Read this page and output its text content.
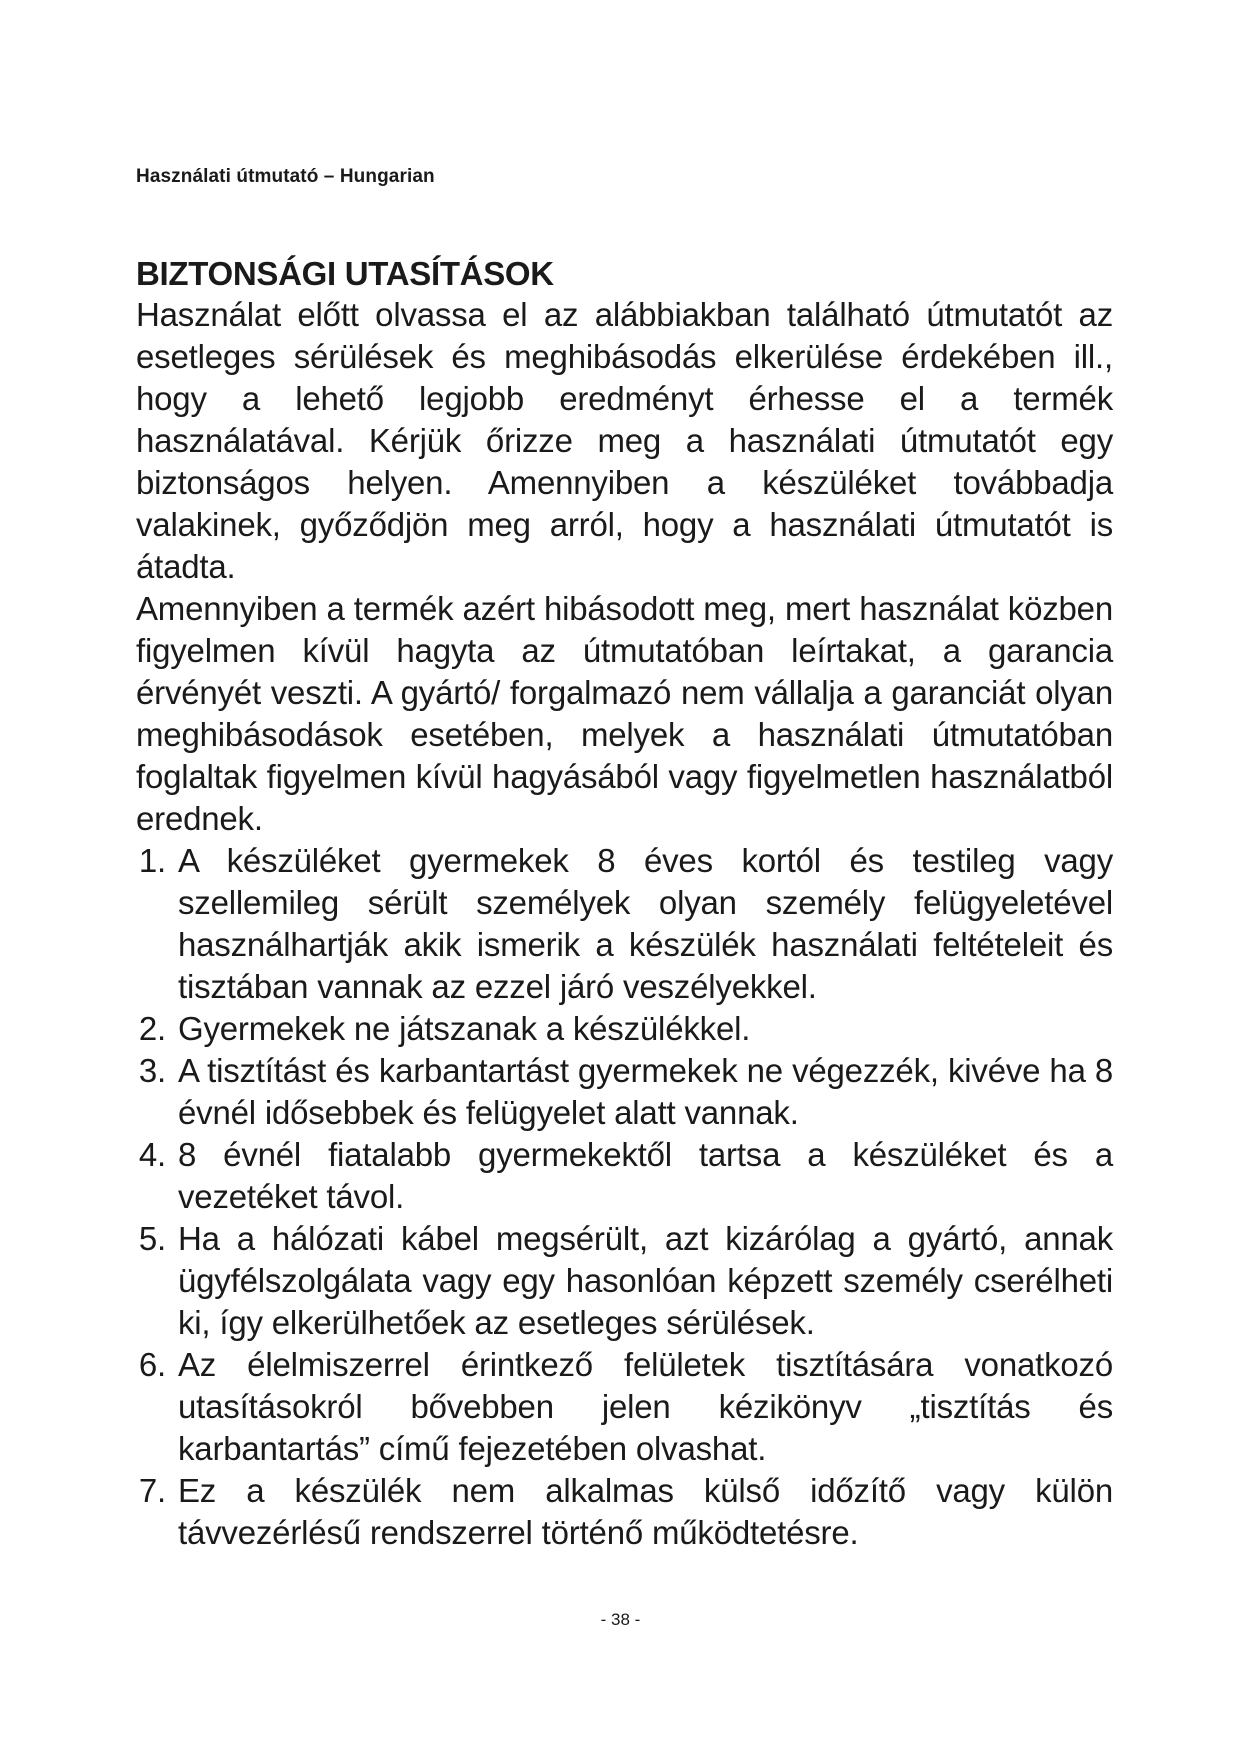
Használati útmutató – Hungarian
BIZTONSÁGI UTASÍTÁSOK

Használat előtt olvassa el az alábbiakban található útmutatót az esetleges sérülések és meghibásodás elkerülése érdekében ill., hogy a lehető legjobb eredményt érhesse el a termék használatával. Kérjük őrizze meg a használati útmutatót egy biztonságos helyen. Amennyiben a készüléket továbbadja valakinek, győződjön meg arról, hogy a használati útmutatót is átadta.

Amennyiben a termék azért hibásodott meg, mert használat közben figyelmen kívül hagyta az útmutatóban leírtakat, a garancia érvényét veszti. A gyártó/ forgalmazó nem vállalja a garanciát olyan meghibásodások esetében, melyek a használati útmutatóban foglaltak figyelmen kívül hagyásából vagy figyelmetlen használatból erednek.

1. A készüléket gyermekek 8 éves kortól és testileg vagy szellemileg sérült személyek olyan személy felügyeletével használhartják akik ismerik a készülék használati feltételeit és tisztában vannak az ezzel járó veszélyekkel.
2. Gyermekek ne játszanak a készülékkel.
3. A tisztítást és karbantartást gyermekek ne végezzék, kivéve ha 8 évnél idősebbek és felügyelet alatt vannak.
4. 8 évnél fiatalabb gyermekektől tartsa a készüléket és a vezetéket távol.
5. Ha a hálózati kábel megsérült, azt kizárólag a gyártó, annak ügyfélszolgálata vagy egy hasonlóan képzett személy cserélheti ki, így elkerülhetőek az esetleges sérülések.
6. Az élelmiszerrel érintkező felületek tisztítására vonatkozó utasításokról bővebben jelen kézikönyv „tisztítás és karbantartás” című fejezetében olvashat.
7. Ez a készülék nem alkalmas külső időzítő vagy külön távvezérlésű rendszerrel történő működtetésre.
- 38 -
